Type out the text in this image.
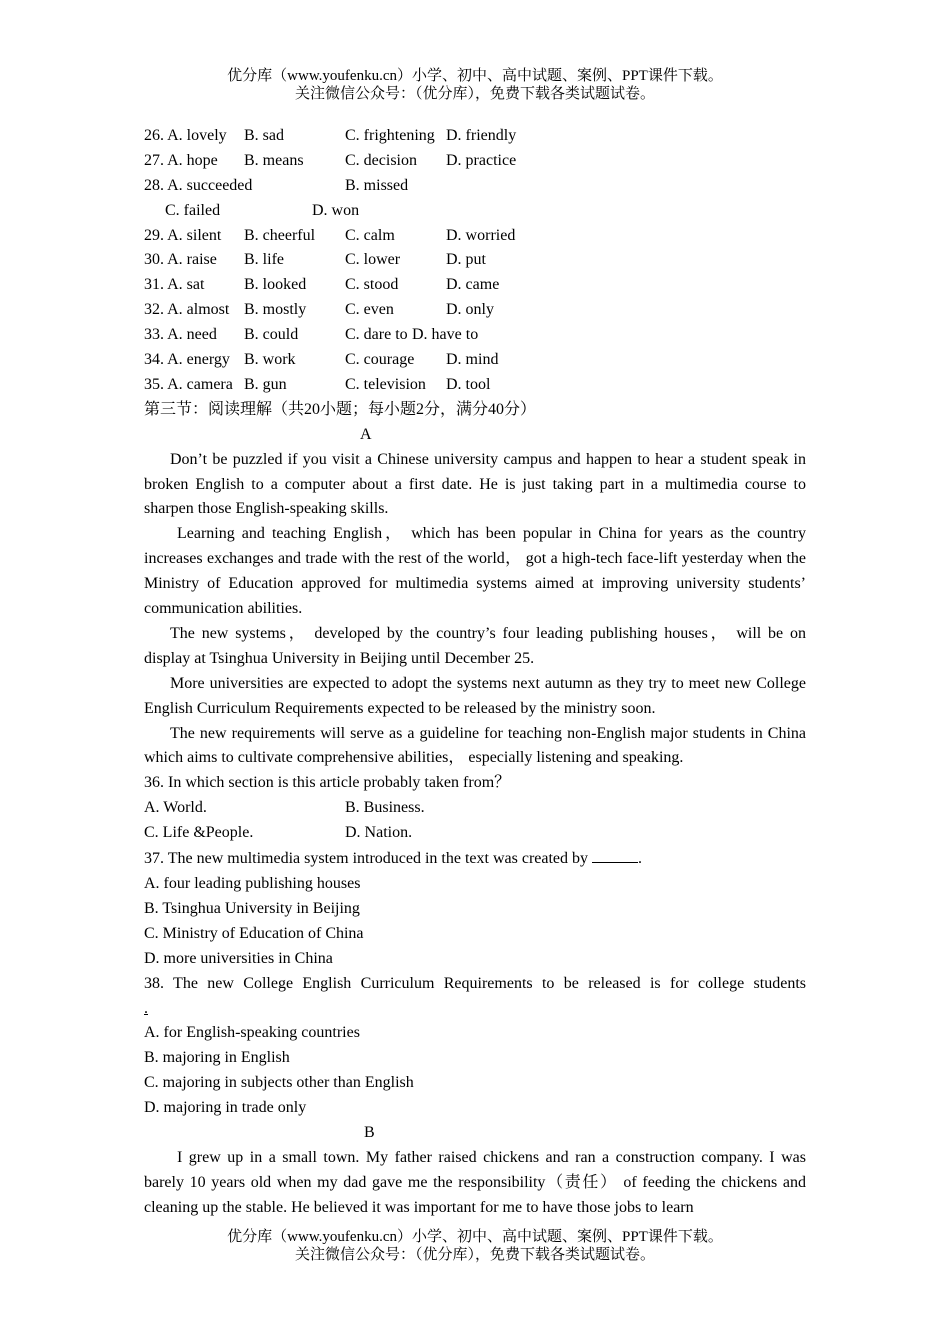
优分库（www.youfenku.cn）小学、初中、高中试题、案例、PPT课件下载。
关注微信公众号：（优分库），免费下载各类试题试卷。
26. A. lovely	B. sad	C. frightening D. friendly
27. A. hope	B. means	C. decision	D. practice
28. A. succeeded	B. missed
C. failed	D. won
29. A. silent	B. cheerful	C. calm	D. worried
30. A. raise	B. life	C. lower	D. put
31. A. sat	B. looked	C. stood	D. came
32. A. almost B. mostly	C. even	D. only
33. A. need	B. could	C. dare to D. have to
34. A. energy B. work	C. courage	D. mind
35. A. camera B. gun	C. television	D. tool
第三节：阅读理解（共20小题；每小题2分，满分40分）
A

Don’t be puzzled if you visit a Chinese university campus and happen to hear a student speak in broken English to a computer about a first date. He is just taking part in a multimedia course to sharpen those English-speaking skills.

Learning and teaching English， which has been popular in China for years as the country increases exchanges and trade with the rest of the world， got a high-tech face-lift yesterday when the Ministry of Education approved for multimedia systems aimed at improving university students’ communication abilities.

The new systems， developed by the country’s four leading publishing houses， will be on display at Tsinghua University in Beijing until December 25.

More universities are expected to adopt the systems next autumn as they try to meet new College English Curriculum Requirements expected to be released by the ministry soon.

The new requirements will serve as a guideline for teaching non-English major students in China which aims to cultivate comprehensive abilities， especially listening and speaking.

36. In which section is this article probably taken from？
A. World.	B. Business.
C. Life &People.	D. Nation.
37. The new multimedia system introduced in the text was created by	.
A. four leading publishing houses
B. Tsinghua University in Beijing
C. Ministry of Education of China
D. more universities in China
38. The new College English Curriculum Requirements to be released is for college students
.
A. for English-speaking countries
B. majoring in English
C. majoring in subjects other than English
D. majoring in trade only
B

I grew up in a small town. My father raised chickens and ran a construction company. I was barely 10 years old when my dad gave me the responsibility（责任） of feeding the chickens and cleaning up the stable. He believed it was important for me to have those jobs to learn

优分库（www.youfenku.cn）小学、初中、高中试题、案例、PPT课件下载。
关注微信公众号：（优分库），免费下载各类试题试卷。
